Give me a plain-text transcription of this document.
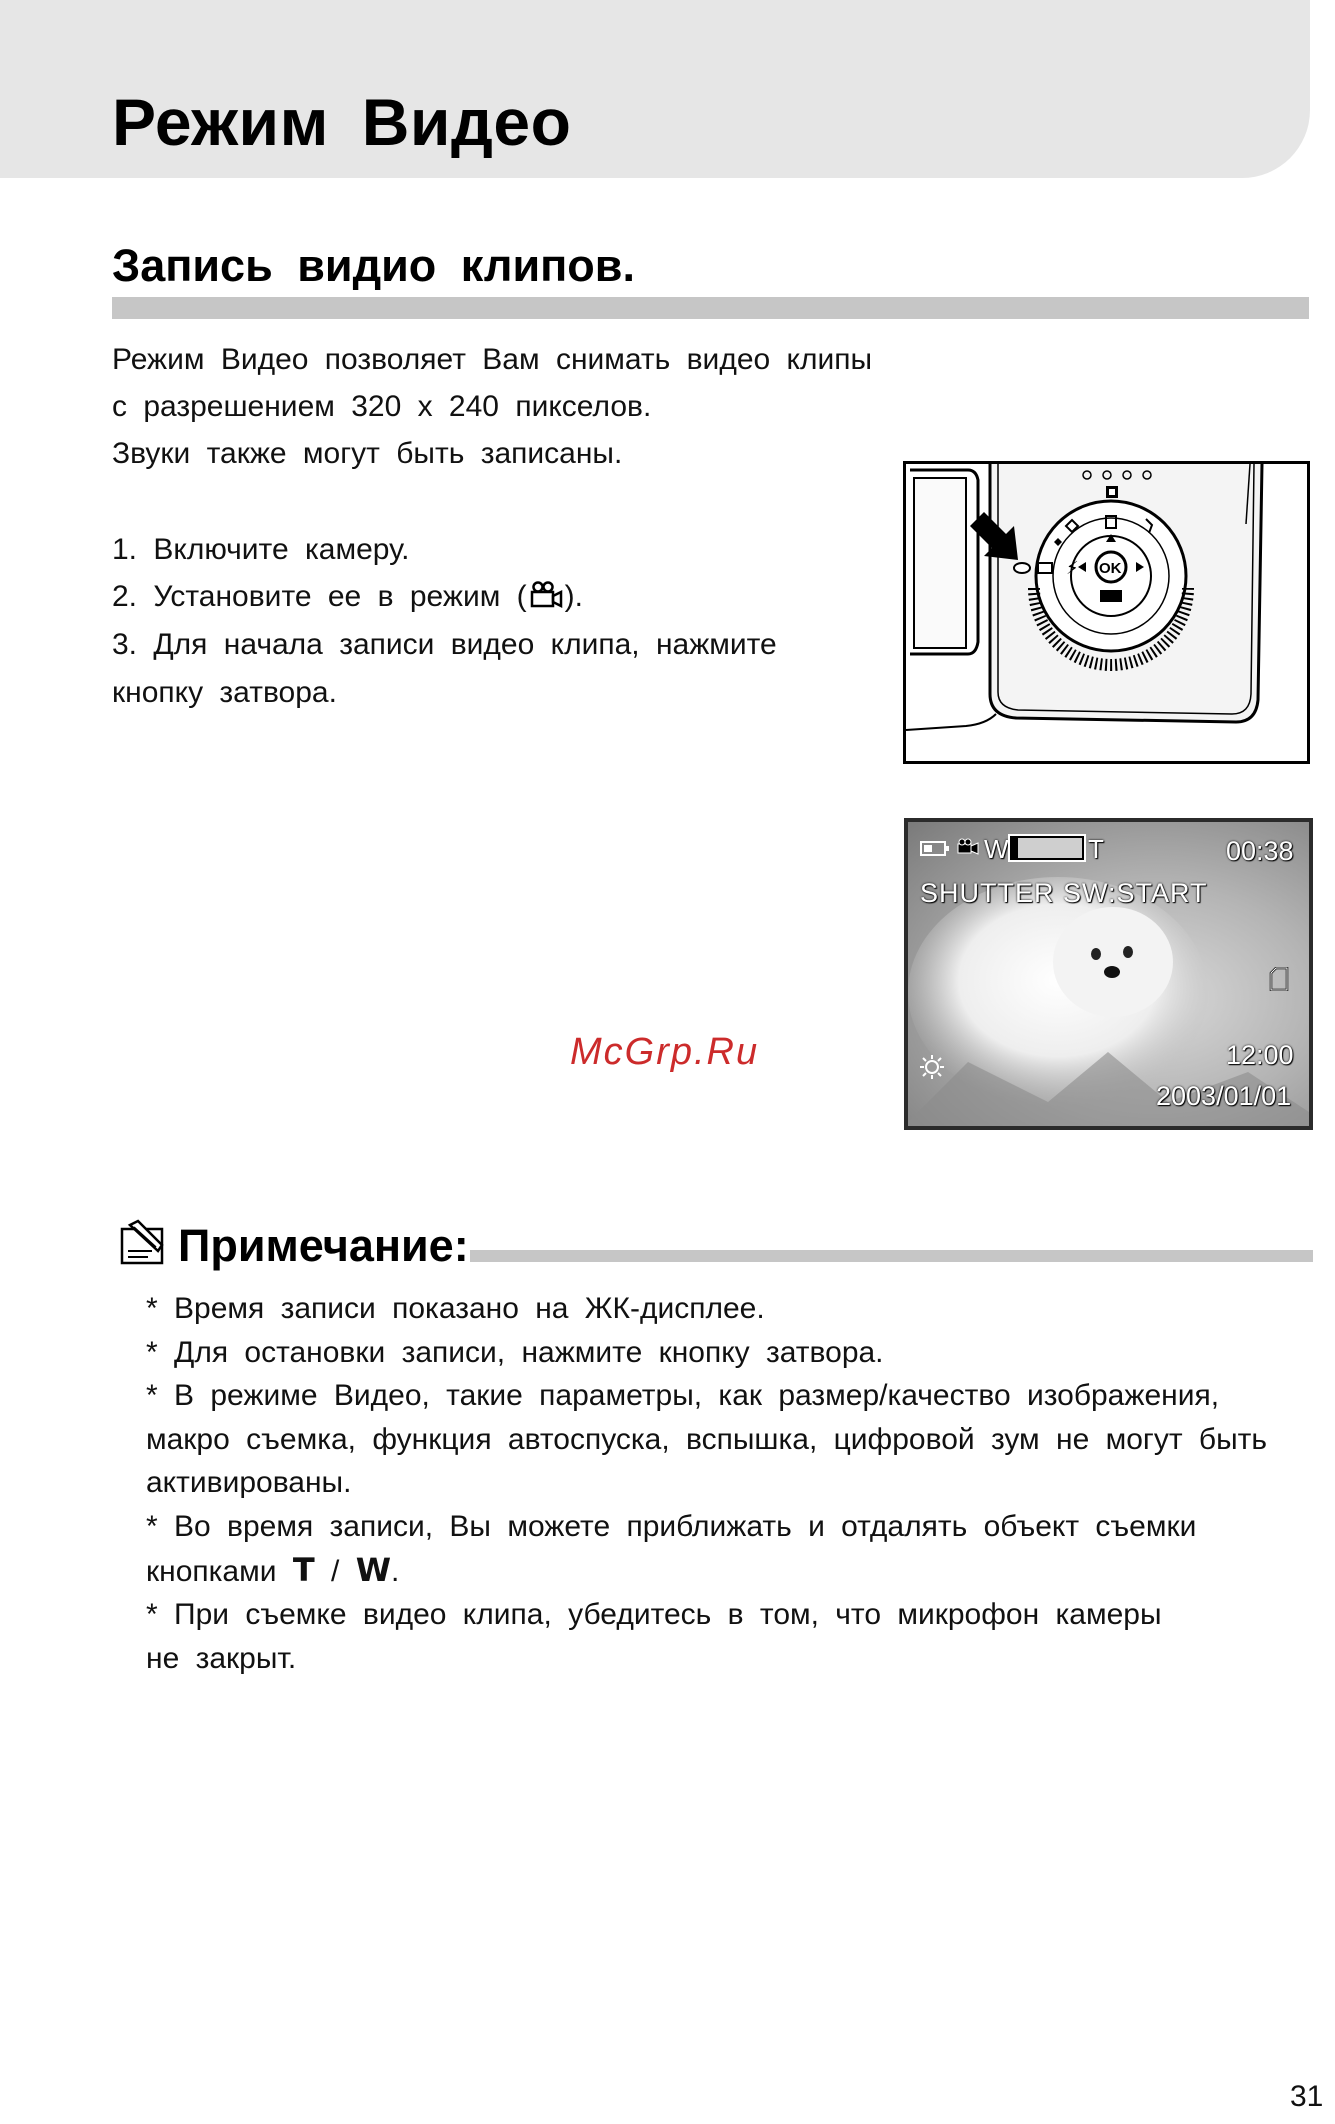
Режим Видео
Запись видио клипов.

Режим Видео позволяет Вам снимать видео клипы

с разрешением 320 х 240 пикселов.

Звуки также могут быть записаны.

1. Включите камеру.

2. Установите ее в режим ( ).

3. Для начала записи видео клипа, нажмите

кнопку затвора.

OK
⚡
W	T	00:38
SHUTTER SW:START
12:00
2003/01/01

McGrp.Ru

Примечание:
* Время записи показано на ЖК-дисплее.
* Для остановки записи, нажмите кнопку затвора.
* В режиме Видео, такие параметры, как размер/качество изображения,
макро съемка, функция автоспуска, вспышка, цифровой зум не могут быть
активированы.
* Во время записи, Вы можете приближать и отдалять объект съемки
кнопками T / W.
* При съемке видео клипа, убедитесь в том, что микрофон камеры
не закрыт.

31
